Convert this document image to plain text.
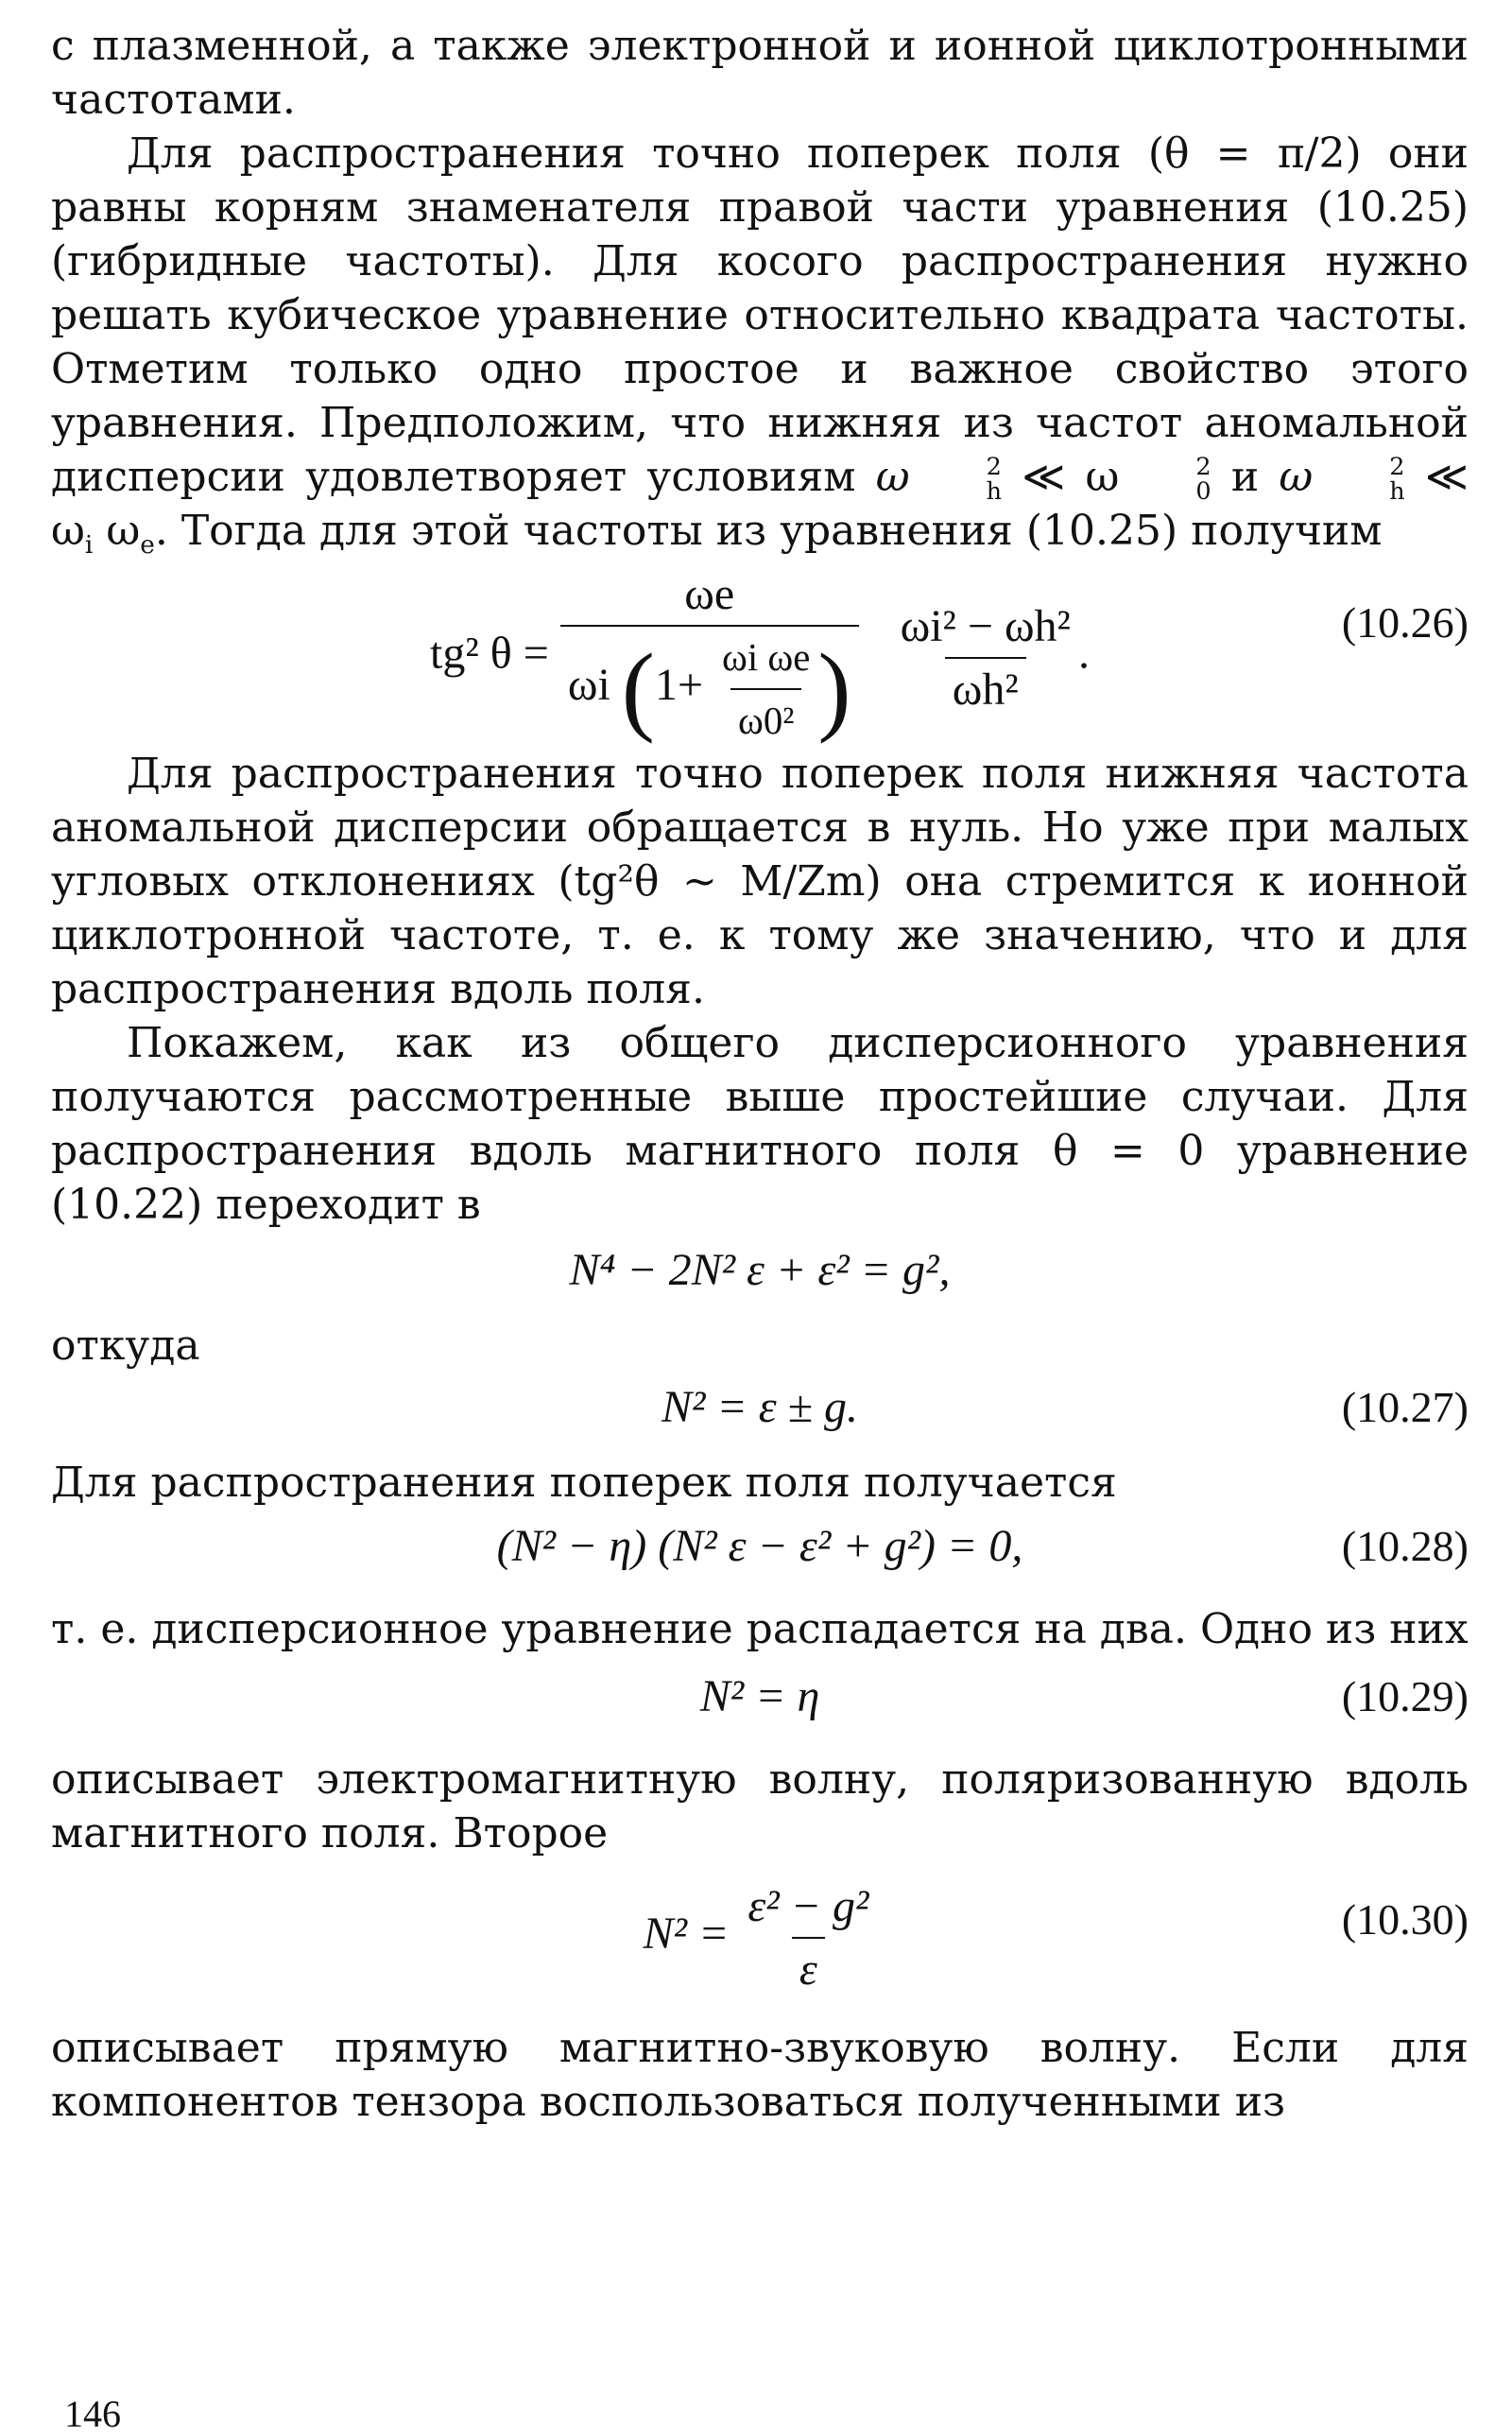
с плазменной, а также электронной и ионной циклотронными частотами.

Для распространения точно поперек поля (θ = π/2) они равны корням знаменателя правой части уравнения (10.25) (гибридные частоты). Для косого распространения нужно решать кубическое уравнение относительно квадрата частоты. Отметим только одно простое и важное свойство этого уравнения. Предположим, что нижняя из частот аномальной дисперсии удовлетворяет условиям ω	2
h ≪ ω	2
0 и ω	2
h ≪ $\omega_i$ $\omega_e$. Тогда для этой частоты из уравнения (10.25) получим

tg² $\theta = \frac{\omega e}{\omega i (1+ \frac{\text{ωi ωe}}{\text{ω0²}} )}$
$\frac{\text{ωi² − ωh²}}{\text{ωh²}}$ .
(10.26)

Для распространения точно поперек поля нижняя частота аномальной дисперсии обращается в нуль. Но уже при малых угловых отклонениях (tg²θ ∼ M/Zm) она стремится к ионной циклотронной частоте, т. е. к тому же значению, что и для распространения вдоль поля.

Покажем, как из общего дисперсионного уравнения получаются рассмотренные выше простейшие случаи. Для распространения вдоль магнитного поля θ = 0 уравнение (10.22) переходит в

N⁴ − 2N² ε + ε² = g²,

откуда

N² = ε ± g.	(10.27)

Для распространения поперек поля получается

(N² − η) (N² ε − ε² + g²) = 0,	(10.28)

т. е. дисперсионное уравнение распадается на два. Одно из них

N² = η	(10.29)

описывает электромагнитную волну, поляризованную вдоль магнитного поля. Второе

$N^2 = \frac{\text{ε² − g²}}{\varepsilon}$	(10.30)

описывает прямую магнитно-звуковую волну. Если для компонентов тензора воспользоваться полученными из

146
